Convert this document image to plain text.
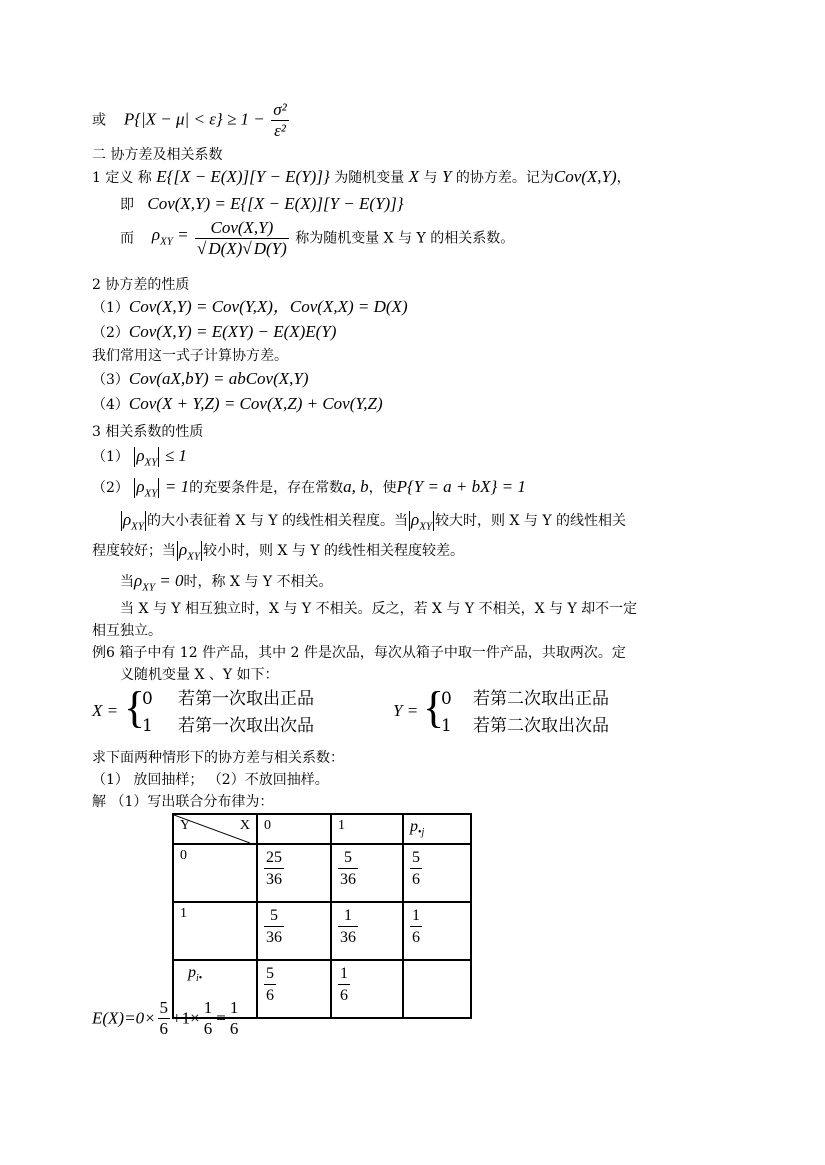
或 $P\{|X - \mu| < \varepsilon\} \ge 1 - \frac{\text{σ²}}{\text{ε²}}$
二 协方差及相关系数
1 定义 称 E{[X − E(X)][Y − E(Y)]} 为随机变量 X 与 Y 的协方差。记为Cov(X,Y)，
即 Cov(X,Y) = E{[X − E(X)][Y − E(Y)]}
而 $\rho_{XY} = \frac{\text{Cov(X,Y)}}{√ D(X)√ D(Y)}$ 称为随机变量 X 与 Y 的相关系数。
2 协方差的性质
（1）Cov(X,Y) = Cov(Y,X)，Cov(X,X) = D(X)
（2）Cov(X,Y) = E(XY) − E(X)E(Y)
我们常用这一式子计算协方差。
（3）Cov(aX,bY) = abCov(X,Y)
（4）Cov(X + Y,Z) = Cov(X,Z) + Cov(Y,Z)
3 相关系数的性质
（1） $\rho_{XY} \le 1$
（2） $\rho_{XY} = 1$的充要条件是，存在常数a, b，使P{Y = a + bX} = 1
$\rho_{XY}$ 的大小表征着 X 与 Y 的线性相关程度。当 $\rho_{XY}$ 较大时，则 X 与 Y 的线性相关
程度较好；当 $\rho_{XY}$ 较小时，则 X 与 Y 的线性相关程度较差。
当$\rho_{XY} = 0$时，称 X 与 Y 不相关。
当 X 与 Y 相互独立时，X 与 Y 不相关。反之，若 X 与 Y 不相关，X 与 Y 却不一定
相互独立。
例6 箱子中有 12 件产品，其中 2 件是次品，每次从箱子中取一件产品，共取两次。定
义随机变量 X 、Y 如下：
X = {
0 若第一次取出正品
1 若第一次取出次品
Y = {
0 若第二次取出正品
1 若第二次取出次品
求下面两种情形下的协方差与相关系数：
（1） 放回抽样； （2）不放回抽样。
解 （1）写出联合分布律为：
Y X	0	1	$p_{•j}$
0	$\frac{25}{36}$	$\frac{5}{36}$	$\frac{5}{6}$

1	$\frac{5}{36}$	$\frac{1}{36}$	$\frac{1}{6}$

$p_{i•}$	$\frac{5}{6}$	$\frac{1}{6}$

$E(X)=0\times \frac{5}{6} +1\times \frac{1}{6} = \frac{1}{6}$
